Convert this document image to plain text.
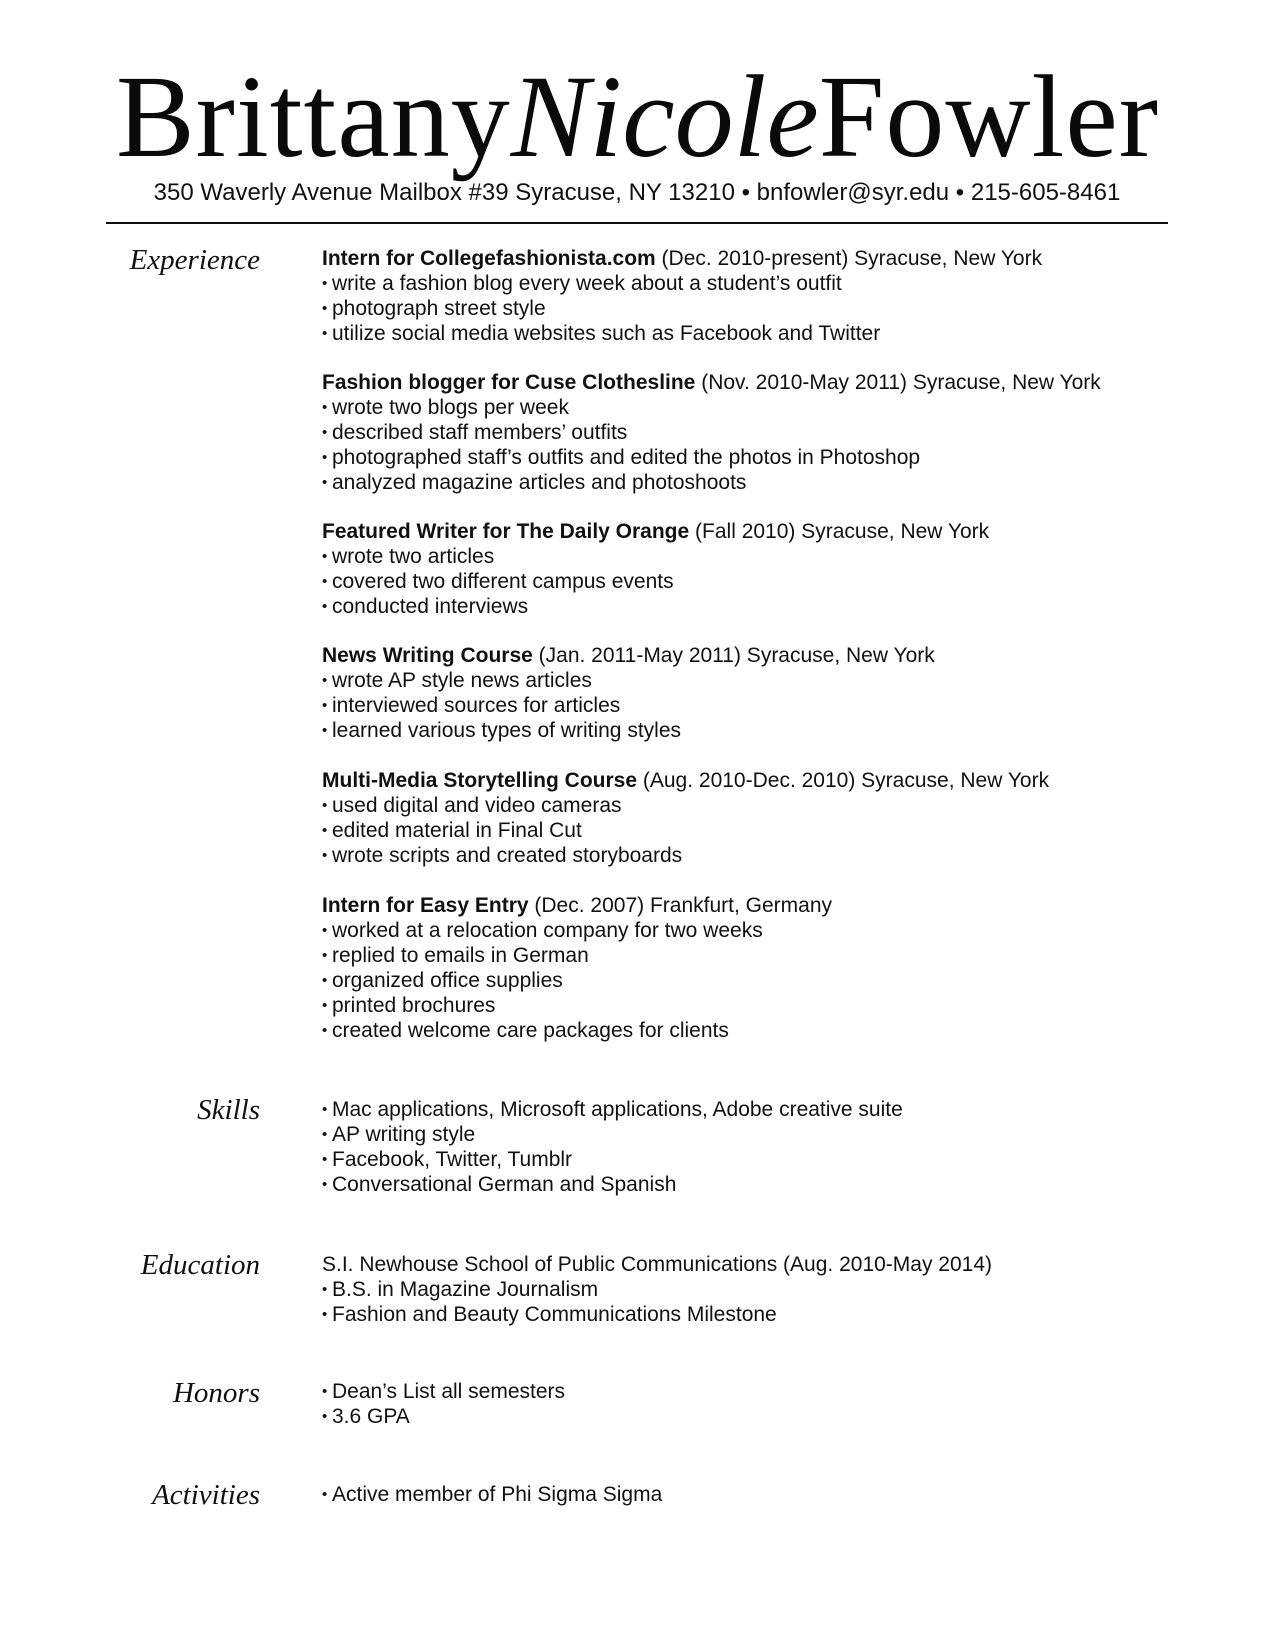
BrittanyNicoleFowler
350 Waverly Avenue Mailbox #39 Syracuse, NY 13210 • bnfowler@syr.edu • 215-605-8461
Experience	Intern for Collegefashionista.com (Dec. 2010-present) Syracuse, New York
• write a fashion blog every week about a student’s outfit
• photograph street style
• utilize social media websites such as Facebook and Twitter
Fashion blogger for Cuse Clothesline (Nov. 2010-May 2011) Syracuse, New York
• wrote two blogs per week
• described staff members’ outfits
• photographed staff’s outfits and edited the photos in Photoshop
• analyzed magazine articles and photoshoots
Featured Writer for The Daily Orange (Fall 2010) Syracuse, New York
• wrote two articles
• covered two different campus events
• conducted interviews
News Writing Course (Jan. 2011-May 2011) Syracuse, New York
• wrote AP style news articles
• interviewed sources for articles
• learned various types of writing styles
Multi-Media Storytelling Course (Aug. 2010-Dec. 2010) Syracuse, New York
• used digital and video cameras
• edited material in Final Cut
• wrote scripts and created storyboards
Intern for Easy Entry (Dec. 2007) Frankfurt, Germany
• worked at a relocation company for two weeks
• replied to emails in German
• organized office supplies
• printed brochures
• created welcome care packages for clients
Skills	• Mac applications, Microsoft applications, Adobe creative suite
• AP writing style
• Facebook, Twitter, Tumblr
• Conversational German and Spanish
Education	S.I. Newhouse School of Public Communications (Aug. 2010-May 2014)
• B.S. in Magazine Journalism
• Fashion and Beauty Communications Milestone
Honors	• Dean’s List all semesters
• 3.6 GPA
Activities	• Active member of Phi Sigma Sigma
